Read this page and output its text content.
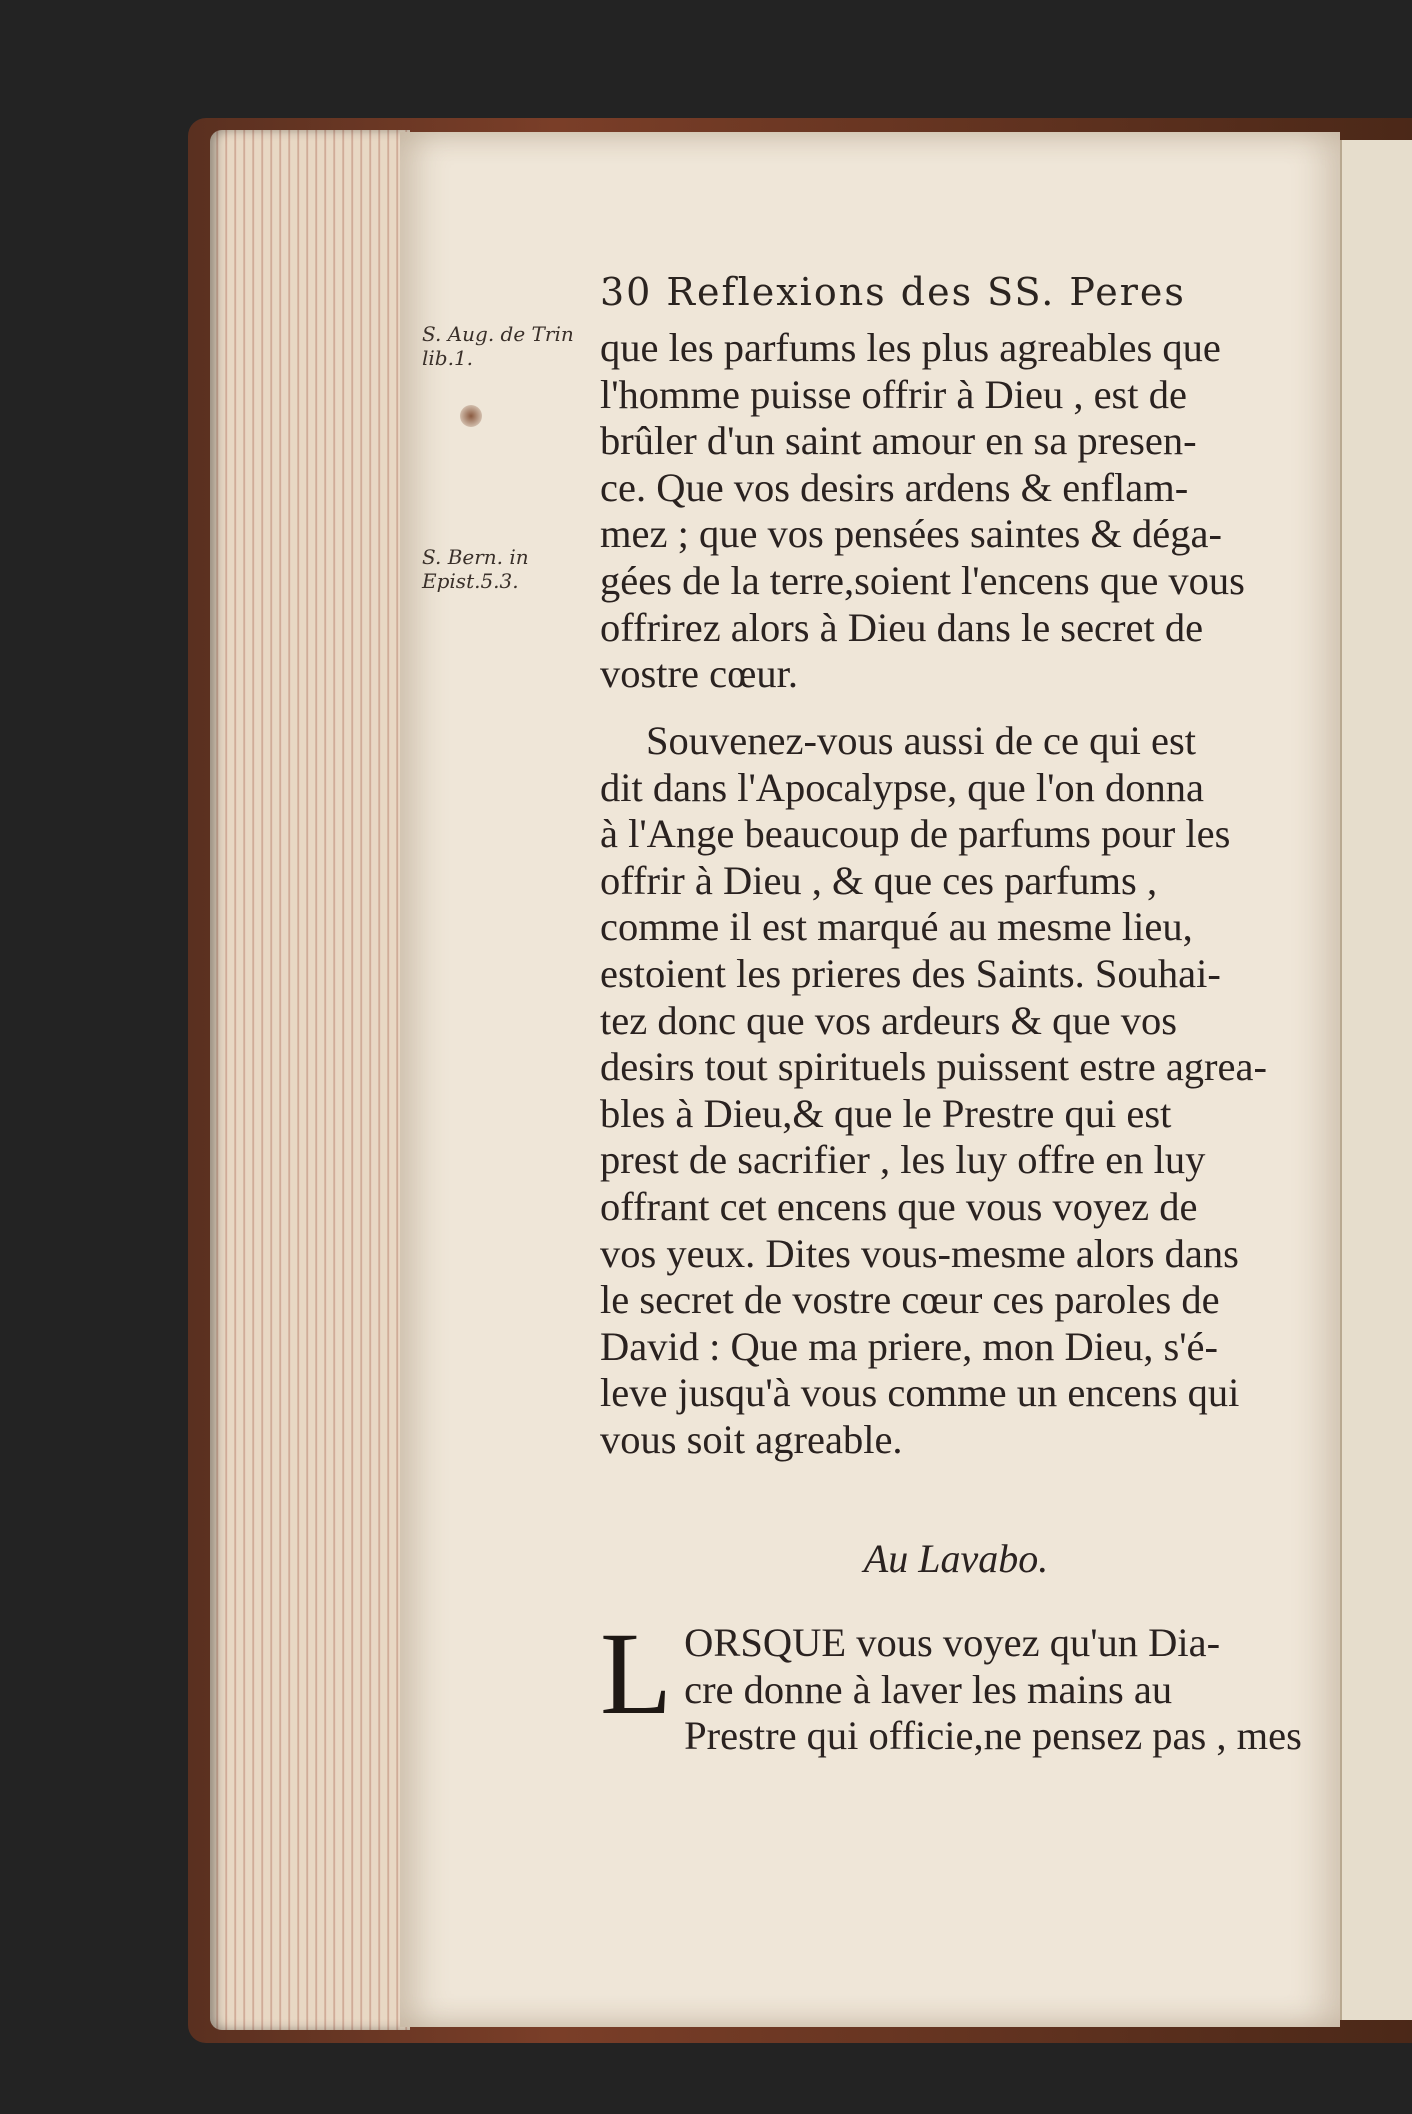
30 Reflexions des SS. Peres
S. Aug. de Trin lib.1.
S. Bern. in Epist.5.3.

que les parfums les plus agreables que

l'homme puisse offrir à Dieu , est de

brûler d'un saint amour en sa presen-

ce. Que vos desirs ardens & enflam-

mez ; que vos pensées saintes & déga-

gées de la terre,soient l'encens que vous

offrirez alors à Dieu dans le secret de

vostre cœur.

Souvenez-vous aussi de ce qui est

dit dans l'Apocalypse, que l'on donna

à l'Ange beaucoup de parfums pour les

offrir à Dieu , & que ces parfums ,

comme il est marqué au mesme lieu,

estoient les prieres des Saints. Souhai-

tez donc que vos ardeurs & que vos

desirs tout spirituels puissent estre agrea-

bles à Dieu,& que le Prestre qui est

prest de sacrifier , les luy offre en luy

offrant cet encens que vous voyez de

vos yeux. Dites vous-mesme alors dans

le secret de vostre cœur ces paroles de

David : Que ma priere, mon Dieu, s'é-

leve jusqu'à vous comme un encens qui

vous soit agreable.

Au Lavabo.
L ORSQUE vous voyez qu'un Dia-

cre donne à laver les mains au

Prestre qui officie,ne pensez pas , mes
